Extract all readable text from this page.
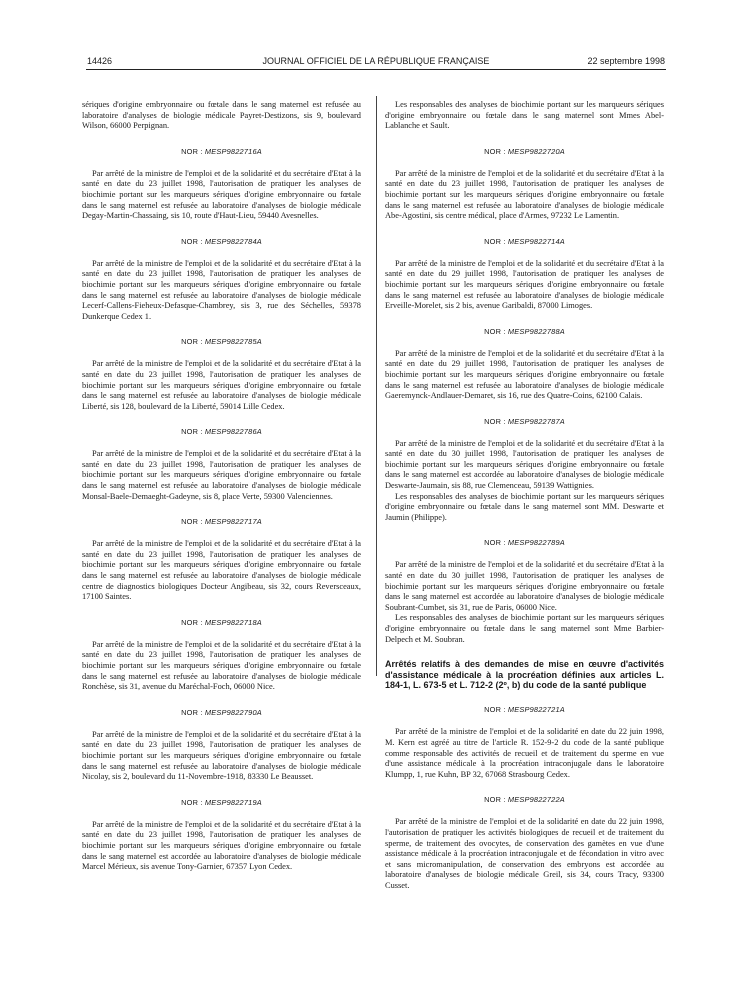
14426	JOURNAL OFFICIEL DE LA RÉPUBLIQUE FRANÇAISE	22 septembre 1998

sériques d'origine embryonnaire ou fœtale dans le sang maternel est refusée au laboratoire d'analyses de biologie médicale Payret-Destizons, sis 9, boulevard Wilson, 66000 Perpignan.

NOR : MESP9822716A

Par arrêté de la ministre de l'emploi et de la solidarité et du secrétaire d'Etat à la santé en date du 23 juillet 1998, l'autorisation de pratiquer les analyses de biochimie portant sur les marqueurs sériques d'origine embryonnaire ou fœtale dans le sang maternel est refusée au laboratoire d'analyses de biologie médicale Degay-Martin-Chassaing, sis 10, route d'Haut-Lieu, 59440 Avesnelles.

NOR : MESP9822784A

Par arrêté de la ministre de l'emploi et de la solidarité et du secrétaire d'Etat à la santé en date du 23 juillet 1998, l'autorisation de pratiquer les analyses de biochimie portant sur les marqueurs sériques d'origine embryonnaire ou fœtale dans le sang maternel est refusée au laboratoire d'analyses de biologie médicale Lecerf-Callens-Fieheux-Defasque-Chambrey, sis 3, rue des Séchelles, 59378 Dunkerque Cedex 1.

NOR : MESP9822785A

Par arrêté de la ministre de l'emploi et de la solidarité et du secrétaire d'Etat à la santé en date du 23 juillet 1998, l'autorisation de pratiquer les analyses de biochimie portant sur les marqueurs sériques d'origine embryonnaire ou fœtale dans le sang maternel est refusée au laboratoire d'analyses de biologie médicale Liberté, sis 128, boulevard de la Liberté, 59014 Lille Cedex.

NOR : MESP9822786A

Par arrêté de la ministre de l'emploi et de la solidarité et du secrétaire d'Etat à la santé en date du 23 juillet 1998, l'autorisation de pratiquer les analyses de biochimie portant sur les marqueurs sériques d'origine embryonnaire ou fœtale dans le sang maternel est refusée au laboratoire d'analyses de biologie médicale Monsal-Baele-Demaeght-Gadeyne, sis 8, place Verte, 59300 Valenciennes.

NOR : MESP9822717A

Par arrêté de la ministre de l'emploi et de la solidarité et du secrétaire d'Etat à la santé en date du 23 juillet 1998, l'autorisation de pratiquer les analyses de biochimie portant sur les marqueurs sériques d'origine embryonnaire ou fœtale dans le sang maternel est refusée au laboratoire d'analyses de biologie médicale centre de diagnostics biologiques Docteur Angibeau, sis 32, cours Reversceaux, 17100 Saintes.

NOR : MESP9822718A

Par arrêté de la ministre de l'emploi et de la solidarité et du secrétaire d'Etat à la santé en date du 23 juillet 1998, l'autorisation de pratiquer les analyses de biochimie portant sur les marqueurs sériques d'origine embryonnaire ou fœtale dans le sang maternel est refusée au laboratoire d'analyses de biologie médicale Ronchèse, sis 31, avenue du Maréchal-Foch, 06000 Nice.

NOR : MESP9822790A

Par arrêté de la ministre de l'emploi et de la solidarité et du secrétaire d'Etat à la santé en date du 23 juillet 1998, l'autorisation de pratiquer les analyses de biochimie portant sur les marqueurs sériques d'origine embryonnaire ou fœtale dans le sang maternel est refusée au laboratoire d'analyses de biologie médicale Nicolay, sis 2, boulevard du 11-Novembre-1918, 83330 Le Beausset.

NOR : MESP9822719A

Par arrêté de la ministre de l'emploi et de la solidarité et du secrétaire d'Etat à la santé en date du 23 juillet 1998, l'autorisation de pratiquer les analyses de biochimie portant sur les marqueurs sériques d'origine embryonnaire ou fœtale dans le sang maternel est accordée au laboratoire d'analyses de biologie médicale Marcel Mérieux, sis avenue Tony-Garnier, 67357 Lyon Cedex.

Les responsables des analyses de biochimie portant sur les marqueurs sériques d'origine embryonnaire ou fœtale dans le sang maternel sont Mmes Abel-Lablanche et Sault.

NOR : MESP9822720A

Par arrêté de la ministre de l'emploi et de la solidarité et du secrétaire d'Etat à la santé en date du 23 juillet 1998, l'autorisation de pratiquer les analyses de biochimie portant sur les marqueurs sériques d'origine embryonnaire ou fœtale dans le sang maternel est refusée au laboratoire d'analyses de biologie médicale Abe-Agostini, sis centre médical, place d'Armes, 97232 Le Lamentin.

NOR : MESP9822714A

Par arrêté de la ministre de l'emploi et de la solidarité et du secrétaire d'Etat à la santé en date du 29 juillet 1998, l'autorisation de pratiquer les analyses de biochimie portant sur les marqueurs sériques d'origine embryonnaire ou fœtale dans le sang maternel est refusée au laboratoire d'analyses de biologie médicale Erveille-Morelet, sis 2 bis, avenue Garibaldi, 87000 Limoges.

NOR : MESP9822788A

Par arrêté de la ministre de l'emploi et de la solidarité et du secrétaire d'Etat à la santé en date du 29 juillet 1998, l'autorisation de pratiquer les analyses de biochimie portant sur les marqueurs sériques d'origine embryonnaire ou fœtale dans le sang maternel est refusée au laboratoire d'analyses de biologie médicale Gaeremynck-Andlauer-Demaret, sis 16, rue des Quatre-Coins, 62100 Calais.

NOR : MESP9822787A

Par arrêté de la ministre de l'emploi et de la solidarité et du secrétaire d'Etat à la santé en date du 30 juillet 1998, l'autorisation de pratiquer les analyses de biochimie portant sur les marqueurs sériques d'origine embryonnaire ou fœtale dans le sang maternel est accordée au laboratoire d'analyses de biologie médicale Deswarte-Jaumain, sis 88, rue Clemenceau, 59139 Wattignies.

Les responsables des analyses de biochimie portant sur les marqueurs sériques d'origine embryonnaire ou fœtale dans le sang maternel sont MM. Deswarte et Jaumin (Philippe).

NOR : MESP9822789A

Par arrêté de la ministre de l'emploi et de la solidarité et du secrétaire d'Etat à la santé en date du 30 juillet 1998, l'autorisation de pratiquer les analyses de biochimie portant sur les marqueurs sériques d'origine embryonnaire ou fœtale dans le sang maternel est accordée au laboratoire d'analyses de biologie médicale Soubrant-Cumbet, sis 31, rue de Paris, 06000 Nice.

Les responsables des analyses de biochimie portant sur les marqueurs sériques d'origine embryonnaire ou fœtale dans le sang maternel sont Mme Barbier-Delpech et M. Soubran.

Arrêtés relatifs à des demandes de mise en œuvre d'activités d'assistance médicale à la procréation définies aux articles L. 184-1, L. 673-5 et L. 712-2 (2º, b) du code de la santé publique
NOR : MESP9822721A

Par arrêté de la ministre de l'emploi et de la solidarité en date du 22 juin 1998, M. Kern est agréé au titre de l'article R. 152-9-2 du code de la santé publique comme responsable des activités de recueil et de traitement du sperme en vue d'une assistance médicale à la procréation intraconjugale dans le laboratoire Klumpp, 1, rue Kuhn, BP 32, 67068 Strasbourg Cedex.

NOR : MESP9822722A

Par arrêté de la ministre de l'emploi et de la solidarité en date du 22 juin 1998, l'autorisation de pratiquer les activités biologiques de recueil et de traitement du sperme, de traitement des ovocytes, de conservation des gamètes en vue d'une assistance médicale à la procréation intraconjugale et de fécondation in vitro avec et sans micromanipulation, de conservation des embryons est accordée au laboratoire d'analyses de biologie médicale Greil, sis 34, cours Tracy, 93300 Cusset.
